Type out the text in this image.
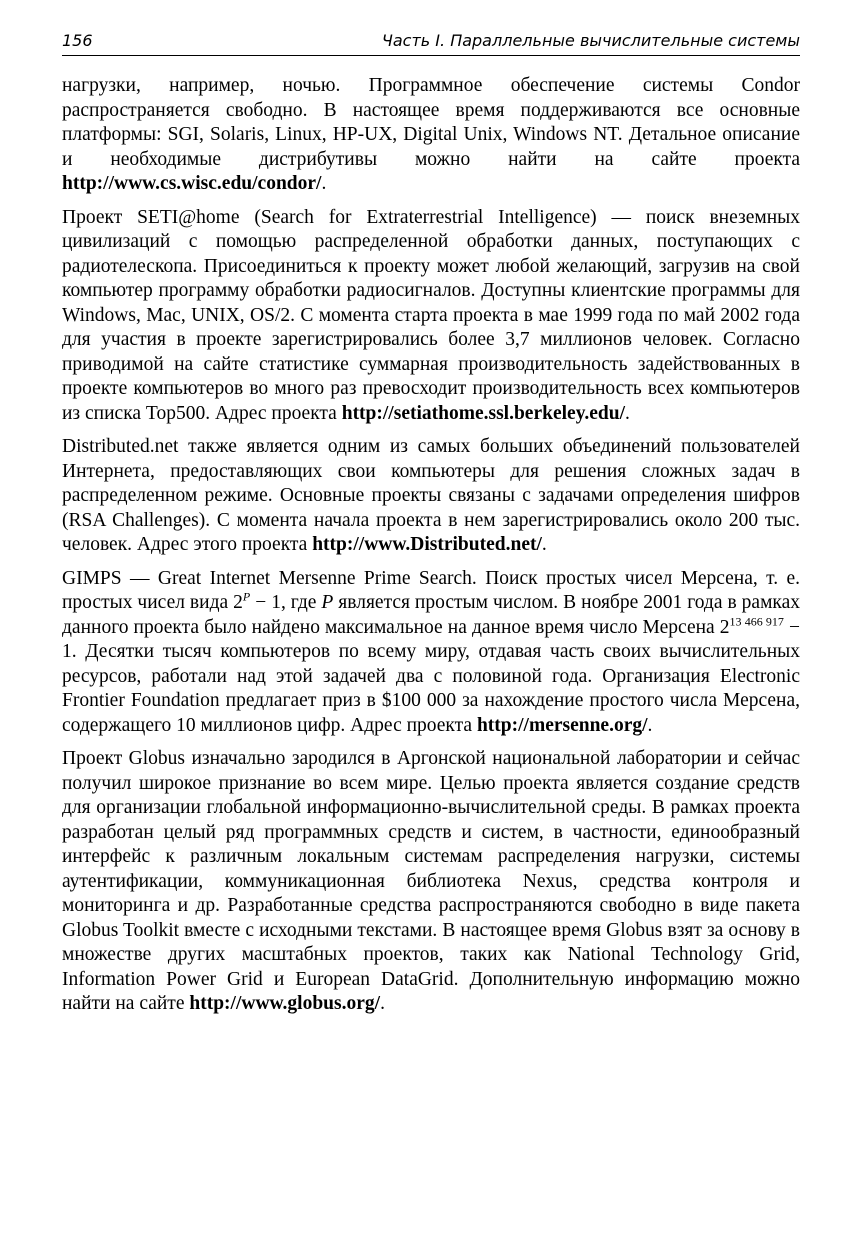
156	Часть I. Параллельные вычислительные системы

нагрузки, например, ночью. Программное обеспечение системы Condor распространяется свободно. В настоящее время поддерживаются все основные платформы: SGI, Solaris, Linux, HP-UX, Digital Unix, Windows NT. Детальное описание и необходимые дистрибутивы можно найти на сайте проекта http://www.cs.wisc.edu/condor/.

Проект SETI@home (Search for Extraterrestrial Intelligence) — поиск внеземных цивилизаций с помощью распределенной обработки данных, поступающих с радиотелескопа. Присоединиться к проекту может любой желающий, загрузив на свой компьютер программу обработки радиосигналов. Доступны клиентские программы для Windows, Mac, UNIX, OS/2. С момента старта проекта в мае 1999 года по май 2002 года для участия в проекте зарегистрировались более 3,7 миллионов человек. Согласно приводимой на сайте статистике суммарная производительность задействованных в проекте компьютеров во много раз превосходит производительность всех компьютеров из списка Top500. Адрес проекта http://setiathome.ssl.berkeley.edu/.

Distributed.net также является одним из самых больших объединений пользователей Интернета, предоставляющих свои компьютеры для решения сложных задач в распределенном режиме. Основные проекты связаны с задачами определения шифров (RSA Challenges). С момента начала проекта в нем зарегистрировались около 200 тыс. человек. Адрес этого проекта http://www.Distributed.net/.

GIMPS — Great Internet Mersenne Prime Search. Поиск простых чисел Мерсена, т. е. простых чисел вида $2^P - 1$, где P является простым числом. В ноябре 2001 года в рамках данного проекта было найдено максимальное на данное время число Мерсена $2^{13 466 917} - 1$. Десятки тысяч компьютеров по всему миру, отдавая часть своих вычислительных ресурсов, работали над этой задачей два с половиной года. Организация Electronic Frontier Foundation предлагает приз в $100 000 за нахождение простого числа Мерсена, содержащего 10 миллионов цифр. Адрес проекта http://mersenne.org/.

Проект Globus изначально зародился в Аргонской национальной лаборатории и сейчас получил широкое признание во всем мире. Целью проекта является создание средств для организации глобальной информационно-вычислительной среды. В рамках проекта разработан целый ряд программных средств и систем, в частности, единообразный интерфейс к различным локальным системам распределения нагрузки, системы аутентификации, коммуникационная библиотека Nexus, средства контроля и мониторинга и др. Разработанные средства распространяются свободно в виде пакета Globus Toolkit вместе с исходными текстами. В настоящее время Globus взят за основу в множестве других масштабных проектов, таких как National Technology Grid, Information Power Grid и European DataGrid. Дополнительную информацию можно найти на сайте http://www.globus.org/.
